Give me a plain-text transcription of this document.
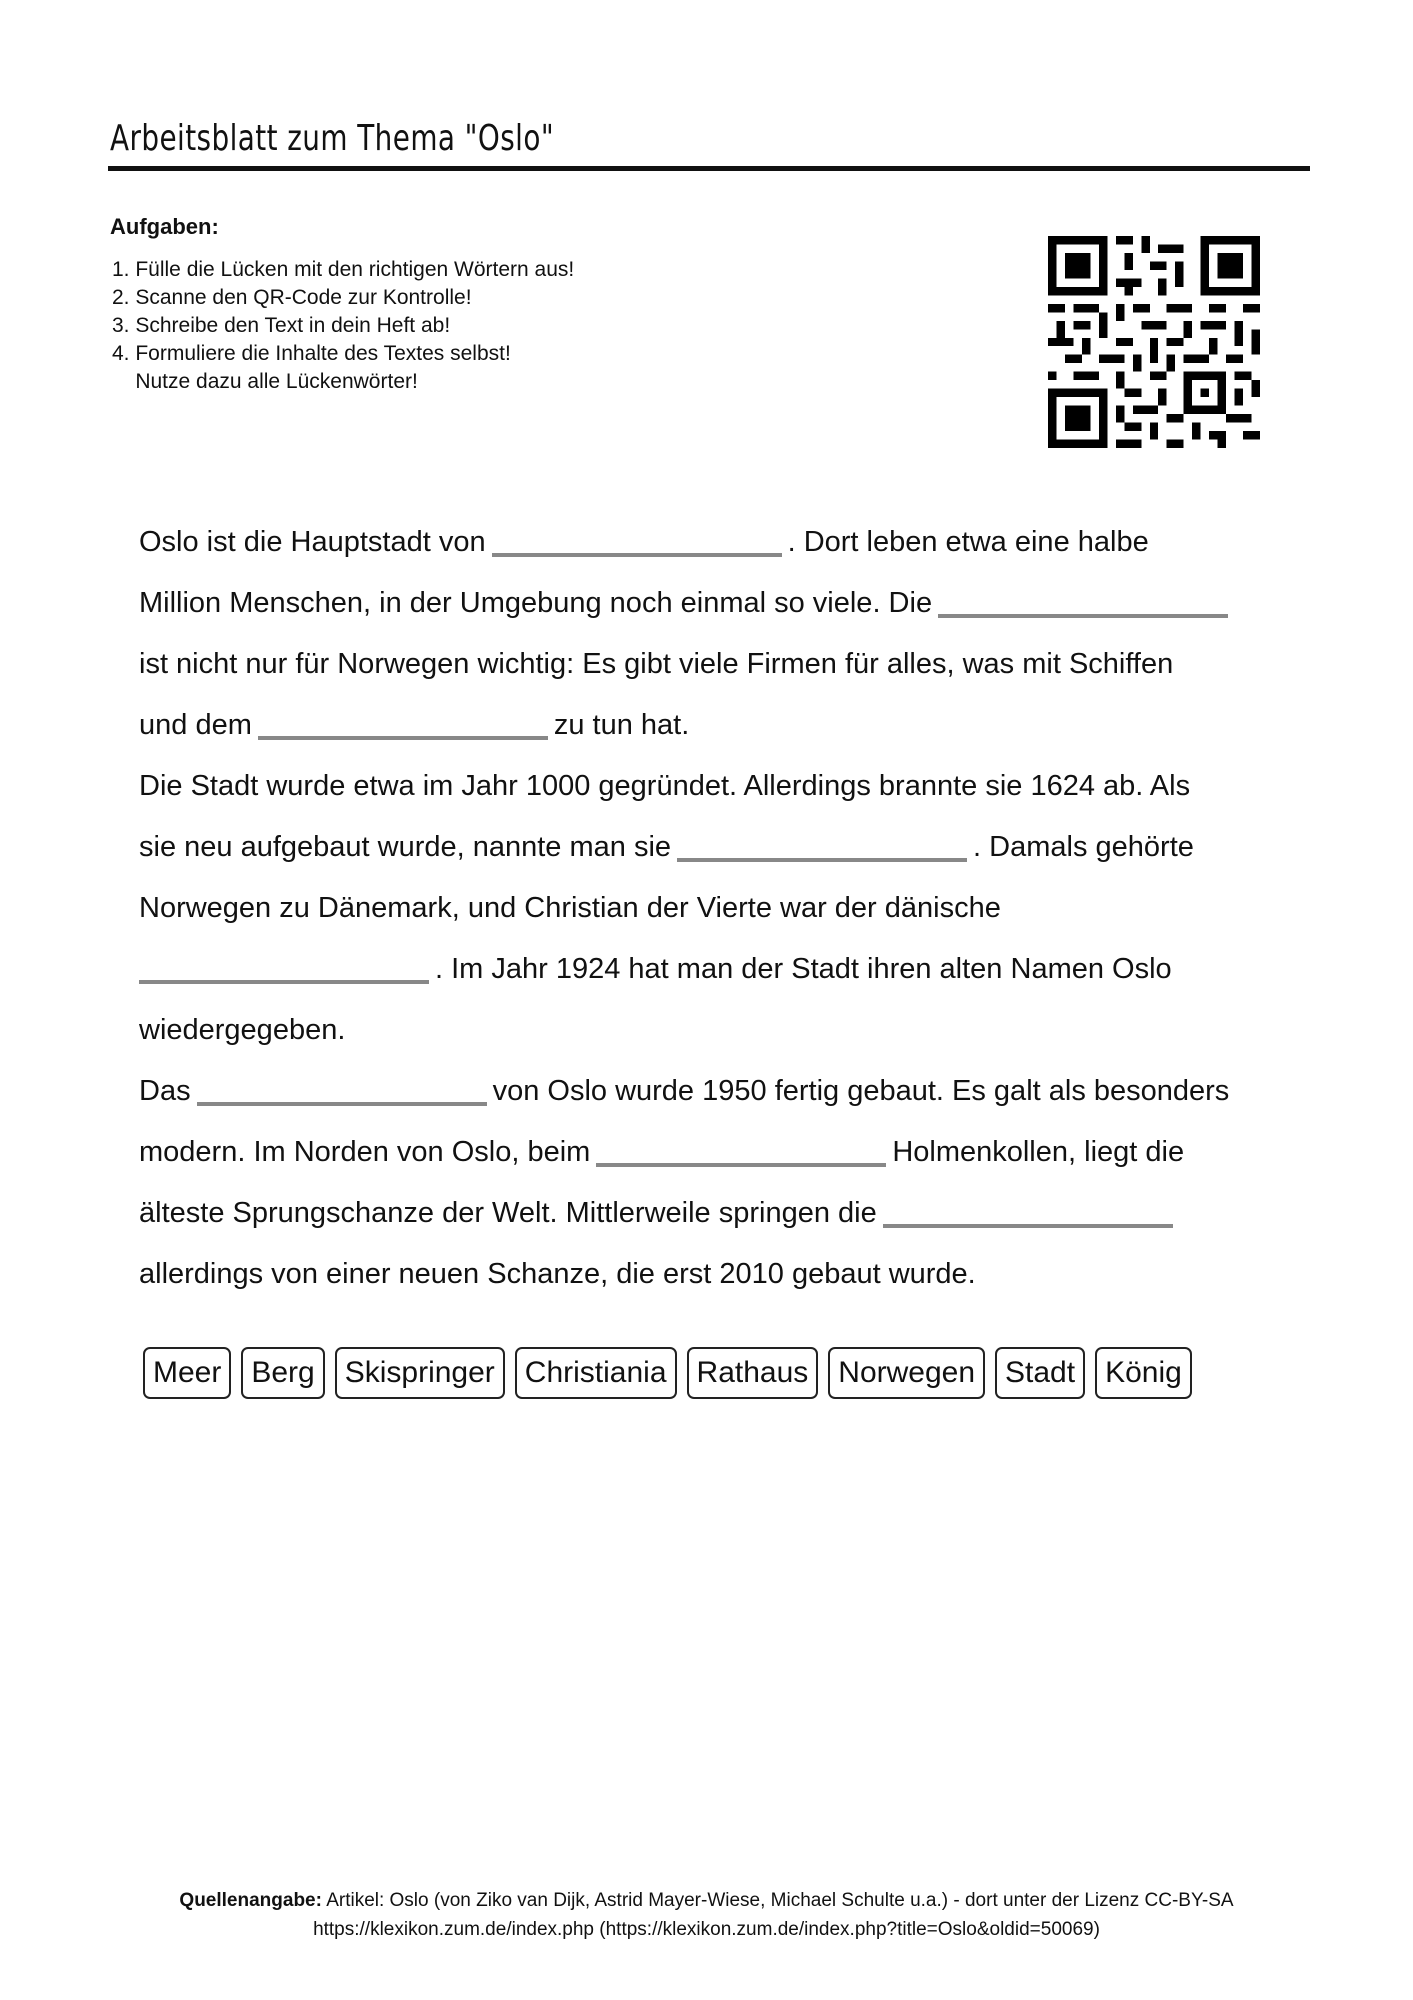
Arbeitsblatt zum Thema "Oslo"
Aufgaben:
1. Fülle die Lücken mit den richtigen Wörtern aus!
2. Scanne den QR-Code zur Kontrolle!
3. Schreibe den Text in dein Heft ab!
4. Formuliere die Inhalte des Textes selbst!
Nutze dazu alle Lückenwörter!
Oslo ist die Hauptstadt von	. Dort leben etwa eine halbe
Million Menschen, in der Umgebung noch einmal so viele. Die
ist nicht nur für Norwegen wichtig: Es gibt viele Firmen für alles, was mit Schiffen
und dem	zu tun hat.
Die Stadt wurde etwa im Jahr 1000 gegründet. Allerdings brannte sie 1624 ab. Als
sie neu aufgebaut wurde, nannte man sie	. Damals gehörte
Norwegen zu Dänemark, und Christian der Vierte war der dänische
. Im Jahr 1924 hat man der Stadt ihren alten Namen Oslo
wiedergegeben.
Das	von Oslo wurde 1950 fertig gebaut. Es galt als besonders
modern. Im Norden von Oslo, beim	Holmenkollen, liegt die
älteste Sprungschanze der Welt. Mittlerweile springen die
allerdings von einer neuen Schanze, die erst 2010 gebaut wurde.
Meer	Berg	Skispringer	Christiania	Rathaus	Norwegen	Stadt	König
Quellenangabe: Artikel: Oslo (von Ziko van Dijk, Astrid Mayer-Wiese, Michael Schulte u.a.) - dort unter der Lizenz CC-BY-SA
https://klexikon.zum.de/index.php (https://klexikon.zum.de/index.php?title=Oslo&oldid=50069)
